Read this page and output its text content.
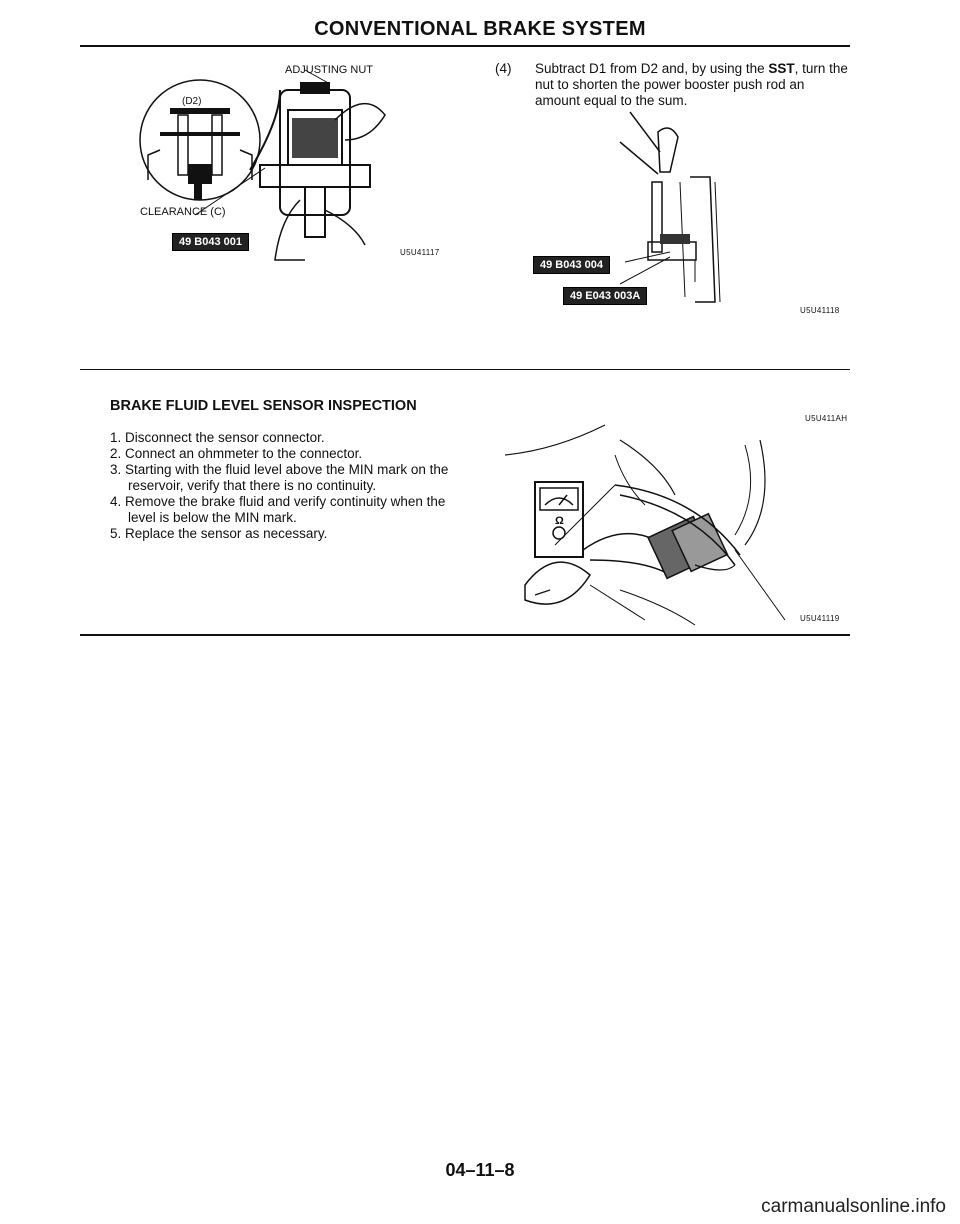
CONVENTIONAL BRAKE SYSTEM
ADJUSTING NUT
(D2)
CLEARANCE (C)
49 B043 001
U5U41117
(4) Subtract D1 from D2 and, by using the SST, turn the nut to shorten the power booster push rod an amount equal to the sum.
49 B043 004
49 E043 003A
U5U41118
BRAKE FLUID LEVEL SENSOR INSPECTION
U5U411AH
1. Disconnect the sensor connector.
2. Connect an ohmmeter to the connector.
3. Starting with the fluid level above the MIN mark on the reservoir, verify that there is no continuity.
4. Remove the brake fluid and verify continuity when the level is below the MIN mark.
5. Replace the sensor as necessary.
Ω
U5U41119
04–11–8
carmanualsonline.info
